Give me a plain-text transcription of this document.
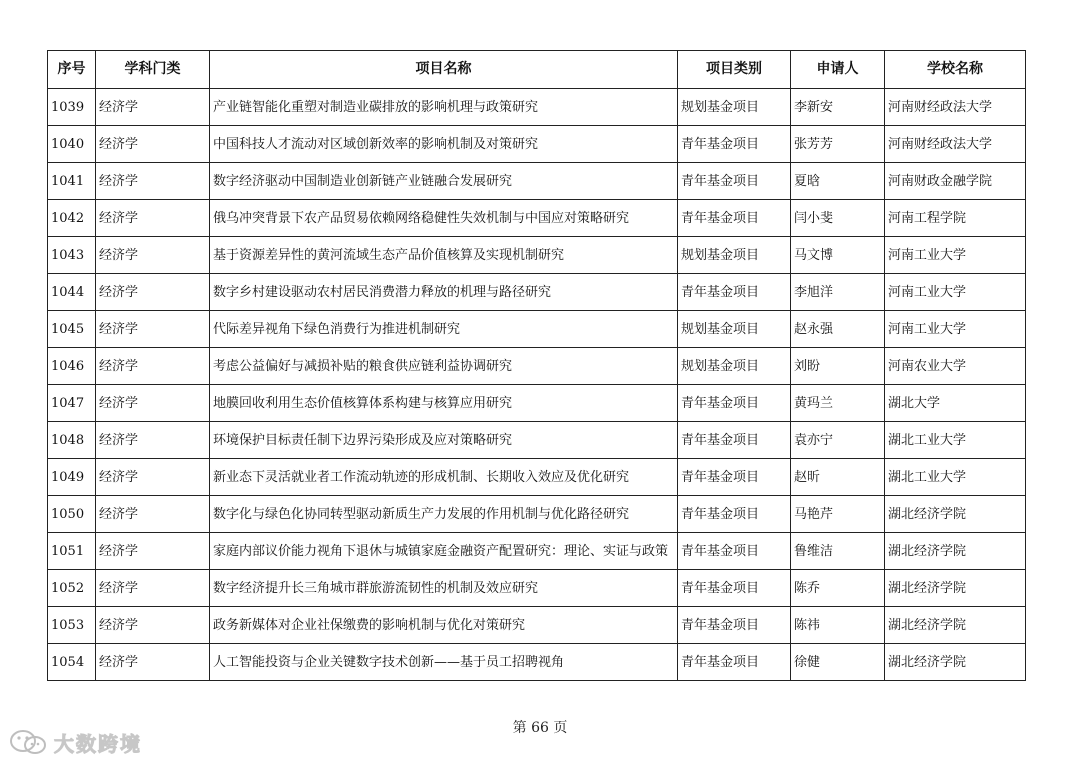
序号	学科门类	项目名称	项目类别	申请人	学校名称
1039	经济学	产业链智能化重塑对制造业碳排放的影响机理与政策研究	规划基金项目	李新安	河南财经政法大学
1040	经济学	中国科技人才流动对区域创新效率的影响机制及对策研究	青年基金项目	张芳芳	河南财经政法大学
1041	经济学	数字经济驱动中国制造业创新链产业链融合发展研究	青年基金项目	夏晗	河南财政金融学院
1042	经济学	俄乌冲突背景下农产品贸易依赖网络稳健性失效机制与中国应对策略研究	青年基金项目	闫小斐	河南工程学院
1043	经济学	基于资源差异性的黄河流域生态产品价值核算及实现机制研究	规划基金项目	马文博	河南工业大学
1044	经济学	数字乡村建设驱动农村居民消费潜力释放的机理与路径研究	青年基金项目	李旭洋	河南工业大学
1045	经济学	代际差异视角下绿色消费行为推进机制研究	规划基金项目	赵永强	河南工业大学
1046	经济学	考虑公益偏好与减损补贴的粮食供应链利益协调研究	规划基金项目	刘盼	河南农业大学
1047	经济学	地膜回收利用生态价值核算体系构建与核算应用研究	青年基金项目	黄玛兰	湖北大学
1048	经济学	环境保护目标责任制下边界污染形成及应对策略研究	青年基金项目	袁亦宁	湖北工业大学
1049	经济学	新业态下灵活就业者工作流动轨迹的形成机制、长期收入效应及优化研究	青年基金项目	赵昕	湖北工业大学
1050	经济学	数字化与绿色化协同转型驱动新质生产力发展的作用机制与优化路径研究	青年基金项目	马艳芹	湖北经济学院
1051	经济学	家庭内部议价能力视角下退休与城镇家庭金融资产配置研究：理论、实证与政策	青年基金项目	鲁维洁	湖北经济学院
1052	经济学	数字经济提升长三角城市群旅游流韧性的机制及效应研究	青年基金项目	陈乔	湖北经济学院
1053	经济学	政务新媒体对企业社保缴费的影响机制与优化对策研究	青年基金项目	陈祎	湖北经济学院
1054	经济学	人工智能投资与企业关键数字技术创新——基于员工招聘视角	青年基金项目	徐健	湖北经济学院
第 66 页
大数跨境
